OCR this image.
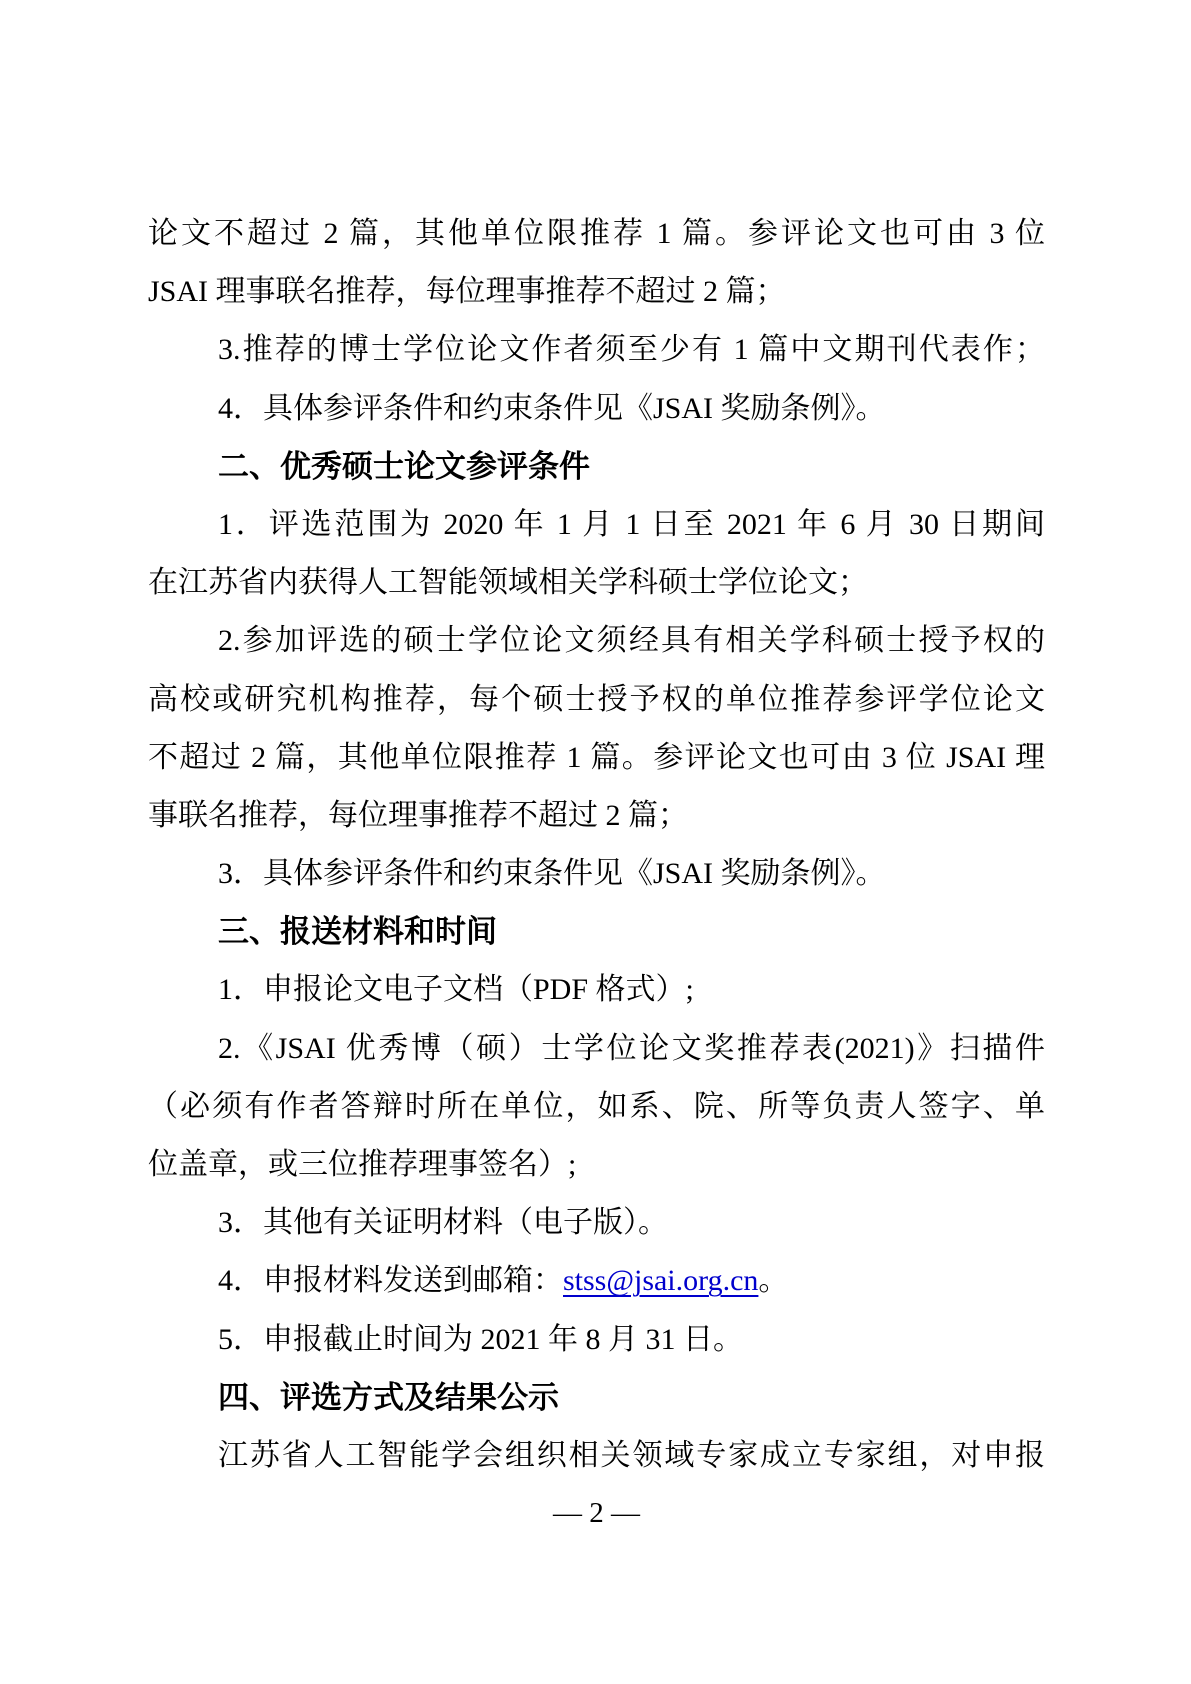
论文不超过 2 篇，其他单位限推荐 1 篇。参评论文也可由 3 位
JSAI 理事联名推荐，每位理事推荐不超过 2 篇；
3.推荐的博士学位论文作者须至少有 1 篇中文期刊代表作；
4．具体参评条件和约束条件见《JSAI 奖励条例》。
二、优秀硕士论文参评条件
1．评选范围为 2020 年 1 月 1 日至 2021 年 6 月 30 日期间
在江苏省内获得人工智能领域相关学科硕士学位论文；
2.参加评选的硕士学位论文须经具有相关学科硕士授予权的
高校或研究机构推荐，每个硕士授予权的单位推荐参评学位论文
不超过 2 篇，其他单位限推荐 1 篇。参评论文也可由 3 位 JSAI 理
事联名推荐，每位理事推荐不超过 2 篇；
3．具体参评条件和约束条件见《JSAI 奖励条例》。
三、报送材料和时间
1．申报论文电子文档（PDF 格式）;
2.《JSAI 优秀博（硕）士学位论文奖推荐表(2021)》扫描件
（必须有作者答辩时所在单位，如系、院、所等负责人签字、单
位盖章，或三位推荐理事签名）;
3．其他有关证明材料（电子版）。
4．申报材料发送到邮箱：stss@jsai.org.cn。
5．申报截止时间为 2021 年 8 月 31 日。
四、评选方式及结果公示
江苏省人工智能学会组织相关领域专家成立专家组，对申报
— 2 —
